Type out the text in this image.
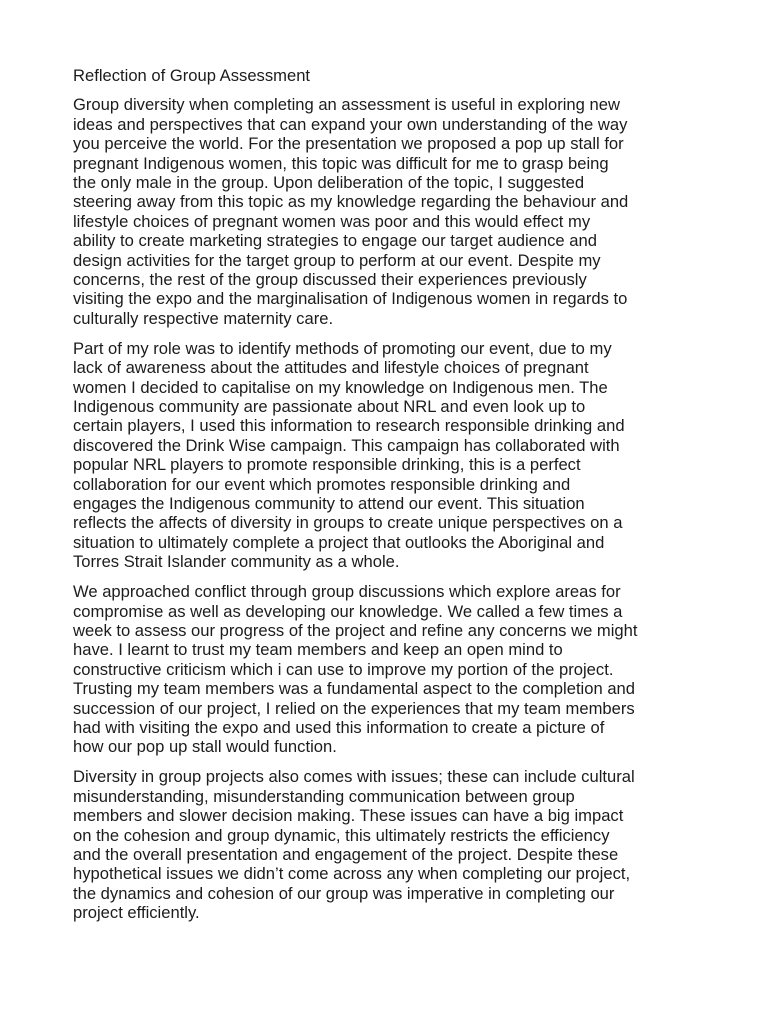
Reflection of Group Assessment

Group diversity when completing an assessment is useful in exploring new
ideas and perspectives that can expand your own understanding of the way
you perceive the world. For the presentation we proposed a pop up stall for
pregnant Indigenous women, this topic was difficult for me to grasp being
the only male in the group. Upon deliberation of the topic, I suggested
steering away from this topic as my knowledge regarding the behaviour and
lifestyle choices of pregnant women was poor and this would effect my
ability to create marketing strategies to engage our target audience and
design activities for the target group to perform at our event. Despite my
concerns, the rest of the group discussed their experiences previously
visiting the expo and the marginalisation of Indigenous women in regards to
culturally respective maternity care.

Part of my role was to identify methods of promoting our event, due to my
lack of awareness about the attitudes and lifestyle choices of pregnant
women I decided to capitalise on my knowledge on Indigenous men. The
Indigenous community are passionate about NRL and even look up to
certain players, I used this information to research responsible drinking and
discovered the Drink Wise campaign. This campaign has collaborated with
popular NRL players to promote responsible drinking, this is a perfect
collaboration for our event which promotes responsible drinking and
engages the Indigenous community to attend our event. This situation
reflects the affects of diversity in groups to create unique perspectives on a
situation to ultimately complete a project that outlooks the Aboriginal and
Torres Strait Islander community as a whole.

We approached conflict through group discussions which explore areas for
compromise as well as developing our knowledge. We called a few times a
week to assess our progress of the project and refine any concerns we might
have. I learnt to trust my team members and keep an open mind to
constructive criticism which i can use to improve my portion of the project.
Trusting my team members was a fundamental aspect to the completion and
succession of our project, I relied on the experiences that my team members
had with visiting the expo and used this information to create a picture of
how our pop up stall would function.

Diversity in group projects also comes with issues; these can include cultural
misunderstanding, misunderstanding communication between group
members and slower decision making. These issues can have a big impact
on the cohesion and group dynamic, this ultimately restricts the efficiency
and the overall presentation and engagement of the project. Despite these
hypothetical issues we didn’t come across any when completing our project,
the dynamics and cohesion of our group was imperative in completing our
project efficiently.
